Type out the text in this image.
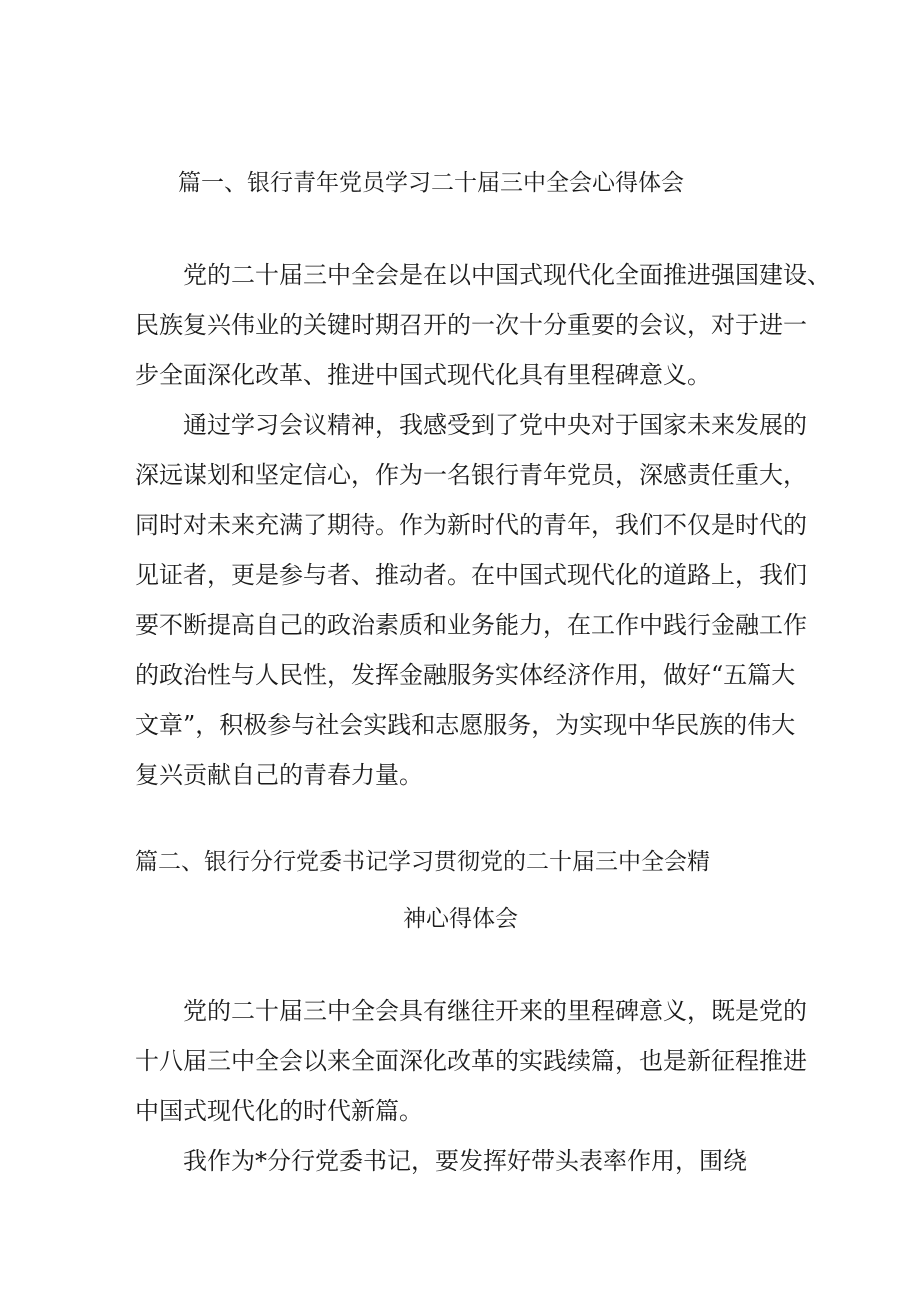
篇一、银行青年党员学习二十届三中全会心得体会
党的二十届三中全会是在以中国式现代化全面推进强国建设、
民族复兴伟业的关键时期召开的一次十分重要的会议，对于进一
步全面深化改革、推进中国式现代化具有里程碑意义。
通过学习会议精神，我感受到了党中央对于国家未来发展的
深远谋划和坚定信心，作为一名银行青年党员，深感责任重大，
同时对未来充满了期待。作为新时代的青年，我们不仅是时代的
见证者，更是参与者、推动者。在中国式现代化的道路上，我们
要不断提高自己的政治素质和业务能力，在工作中践行金融工作
的政治性与人民性，发挥金融服务实体经济作用，做好“五篇大
文章”，积极参与社会实践和志愿服务，为实现中华民族的伟大
复兴贡献自己的青春力量。
篇二、银行分行党委书记学习贯彻党的二十届三中全会精
神心得体会
党的二十届三中全会具有继往开来的里程碑意义，既是党的
十八届三中全会以来全面深化改革的实践续篇，也是新征程推进
中国式现代化的时代新篇。
我作为*分行党委书记，要发挥好带头表率作用，围绕
